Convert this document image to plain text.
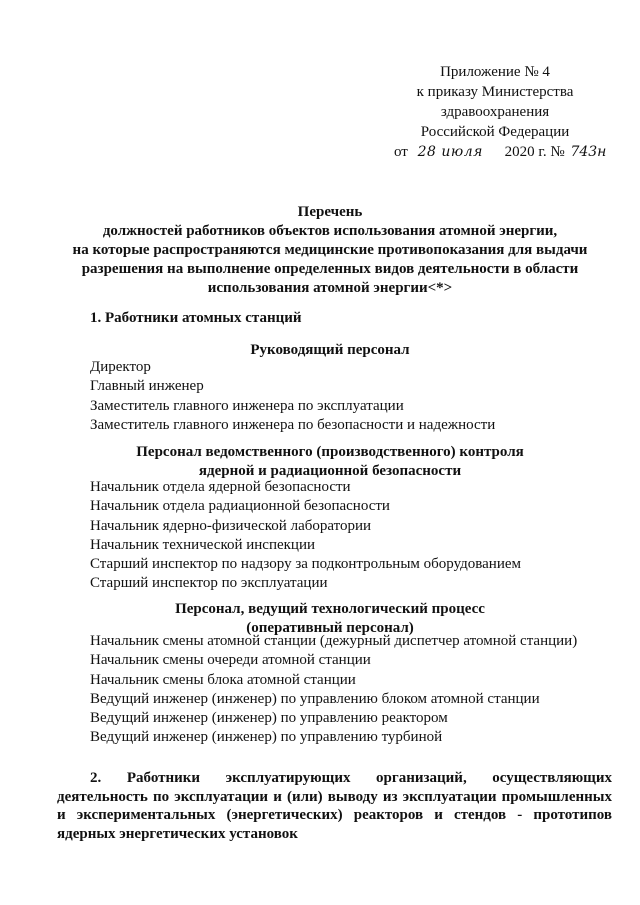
Приложение № 4
к приказу Министерства
здравоохранения
Российской Федерации
от 28 июля 2020 г. № 743н
Перечень
должностей работников объектов использования атомной энергии,
на которые распространяются медицинские противопоказания для выдачи
разрешения на выполнение определенных видов деятельности в области
использования атомной энергии<*>
1. Работники атомных станций
Руководящий персонал
Директор
Главный инженер
Заместитель главного инженера по эксплуатации
Заместитель главного инженера по безопасности и надежности
Персонал ведомственного (производственного) контроля
ядерной и радиационной безопасности
Начальник отдела ядерной безопасности
Начальник отдела радиационной безопасности
Начальник ядерно-физической лаборатории
Начальник технической инспекции
Старший инспектор по надзору за подконтрольным оборудованием
Старший инспектор по эксплуатации
Персонал, ведущий технологический процесс
(оперативный персонал)
Начальник смены атомной станции (дежурный диспетчер атомной станции)
Начальник смены очереди атомной станции
Начальник смены блока атомной станции
Ведущий инженер (инженер) по управлению блоком атомной станции
Ведущий инженер (инженер) по управлению реактором
Ведущий инженер (инженер) по управлению турбиной
2. Работники эксплуатирующих организаций, осуществляющих
деятельность по эксплуатации и (или) выводу из эксплуатации промышленных
и экспериментальных (энергетических) реакторов и стендов - прототипов
ядерных энергетических установок
